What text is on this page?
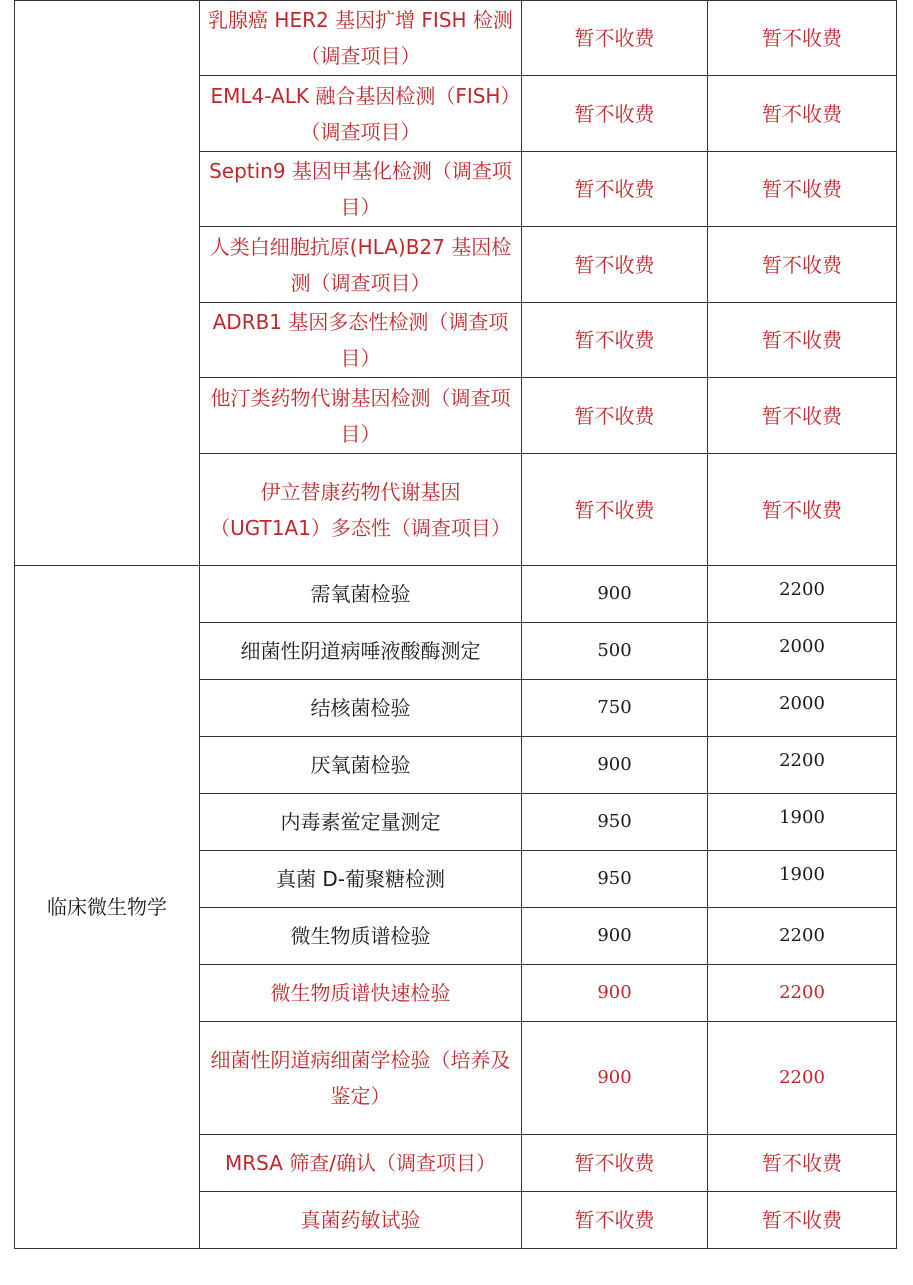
	乳腺癌 HER2 基因扩增 FISH 检测（调查项目）	暂不收费	暂不收费
	EML4-ALK 融合基因检测（FISH）（调查项目）	暂不收费	暂不收费
	Septin9 基因甲基化检测（调查项目）	暂不收费	暂不收费
	人类白细胞抗原(HLA)B27 基因检测（调查项目）	暂不收费	暂不收费
	ADRB1 基因多态性检测（调查项目）	暂不收费	暂不收费
	他汀类药物代谢基因检测（调查项目）	暂不收费	暂不收费
	伊立替康药物代谢基因（UGT1A1）多态性（调查项目）	暂不收费	暂不收费
临床微生物学	需氧菌检验	900	2200
	细菌性阴道病唾液酸酶测定	500	2000
	结核菌检验	750	2000
	厌氧菌检验	900	2200
	内毒素鲎定量测定	950	1900
	真菌 D-葡聚糖检测	950	1900
	微生物质谱检验	900	2200
	微生物质谱快速检验	900	2200
	细菌性阴道病细菌学检验（培养及鉴定）	900	2200
	MRSA 筛查/确认（调查项目）	暂不收费	暂不收费
	真菌药敏试验	暂不收费	暂不收费
